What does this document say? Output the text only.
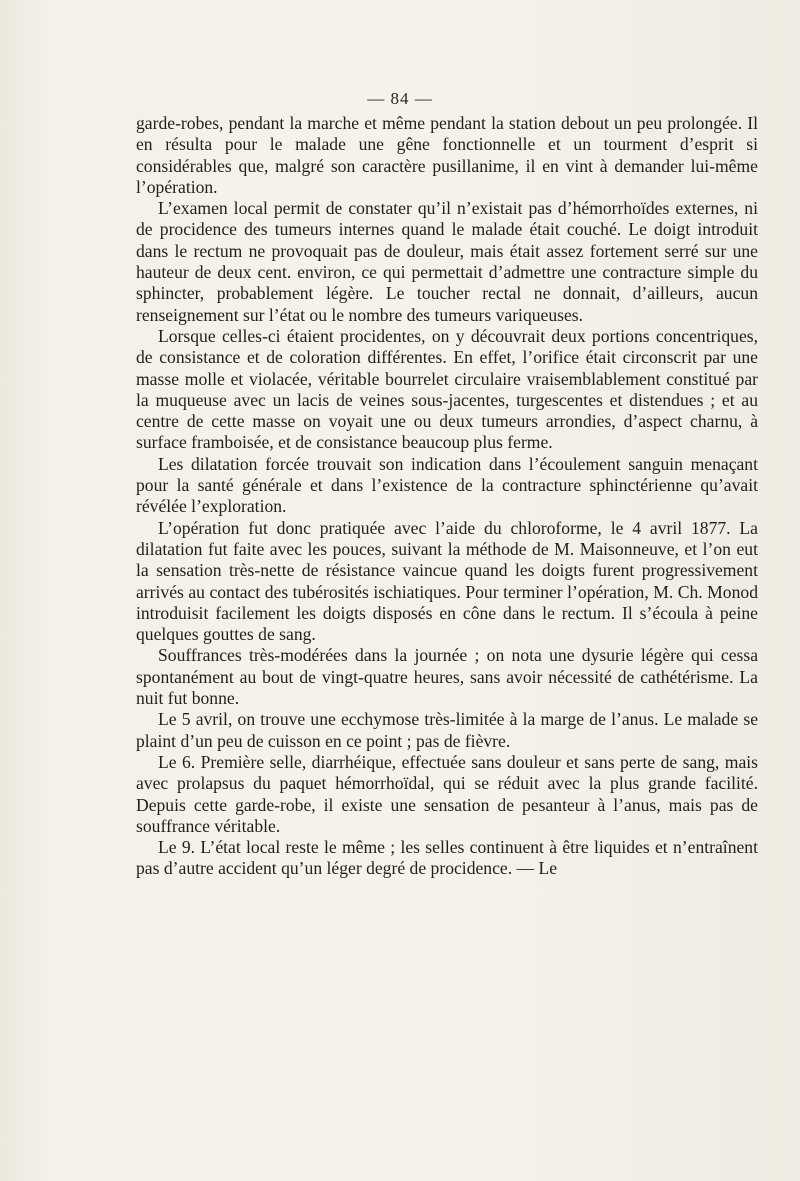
— 84 —

garde-robes, pendant la marche et même pendant la station debout un peu prolongée. Il en résulta pour le malade une gêne fonctionnelle et un tourment d’esprit si considérables que, malgré son caractère pusillanime, il en vint à demander lui-même l’opération.

L’examen local permit de constater qu’il n’existait pas d’hémorrhoïdes externes, ni de procidence des tumeurs internes quand le malade était couché. Le doigt introduit dans le rectum ne provoquait pas de douleur, mais était assez fortement serré sur une hauteur de deux cent. environ, ce qui permettait d’admettre une contracture simple du sphincter, probablement légère. Le toucher rectal ne donnait, d’ailleurs, aucun renseignement sur l’état ou le nombre des tumeurs variqueuses.

Lorsque celles-ci étaient procidentes, on y découvrait deux portions concentriques, de consistance et de coloration différentes. En effet, l’orifice était circonscrit par une masse molle et violacée, véritable bourrelet circulaire vraisemblablement constitué par la muqueuse avec un lacis de veines sous-jacentes, turgescentes et distendues ; et au centre de cette masse on voyait une ou deux tumeurs arrondies, d’aspect charnu, à surface framboisée, et de consistance beaucoup plus ferme.

Les dilatation forcée trouvait son indication dans l’écoulement sanguin menaçant pour la santé générale et dans l’existence de la contracture sphinctérienne qu’avait révélée l’exploration.

L’opération fut donc pratiquée avec l’aide du chloroforme, le 4 avril 1877. La dilatation fut faite avec les pouces, suivant la méthode de M. Maisonneuve, et l’on eut la sensation très-nette de résistance vaincue quand les doigts furent progressivement arrivés au contact des tubérosités ischiatiques. Pour terminer l’opération, M. Ch. Monod introduisit facilement les doigts disposés en cône dans le rectum. Il s’écoula à peine quelques gouttes de sang.

Souffrances très-modérées dans la journée ; on nota une dysurie légère qui cessa spontanément au bout de vingt-quatre heures, sans avoir nécessité de cathétérisme. La nuit fut bonne.

Le 5 avril, on trouve une ecchymose très-limitée à la marge de l’anus. Le malade se plaint d’un peu de cuisson en ce point ; pas de fièvre.

Le 6. Première selle, diarrhéique, effectuée sans douleur et sans perte de sang, mais avec prolapsus du paquet hémorrhoïdal, qui se réduit avec la plus grande facilité. Depuis cette garde-robe, il existe une sensation de pesanteur à l’anus, mais pas de souffrance véritable.

Le 9. L’état local reste le même ; les selles continuent à être liquides et n’entraînent pas d’autre accident qu’un léger degré de procidence. — Le
